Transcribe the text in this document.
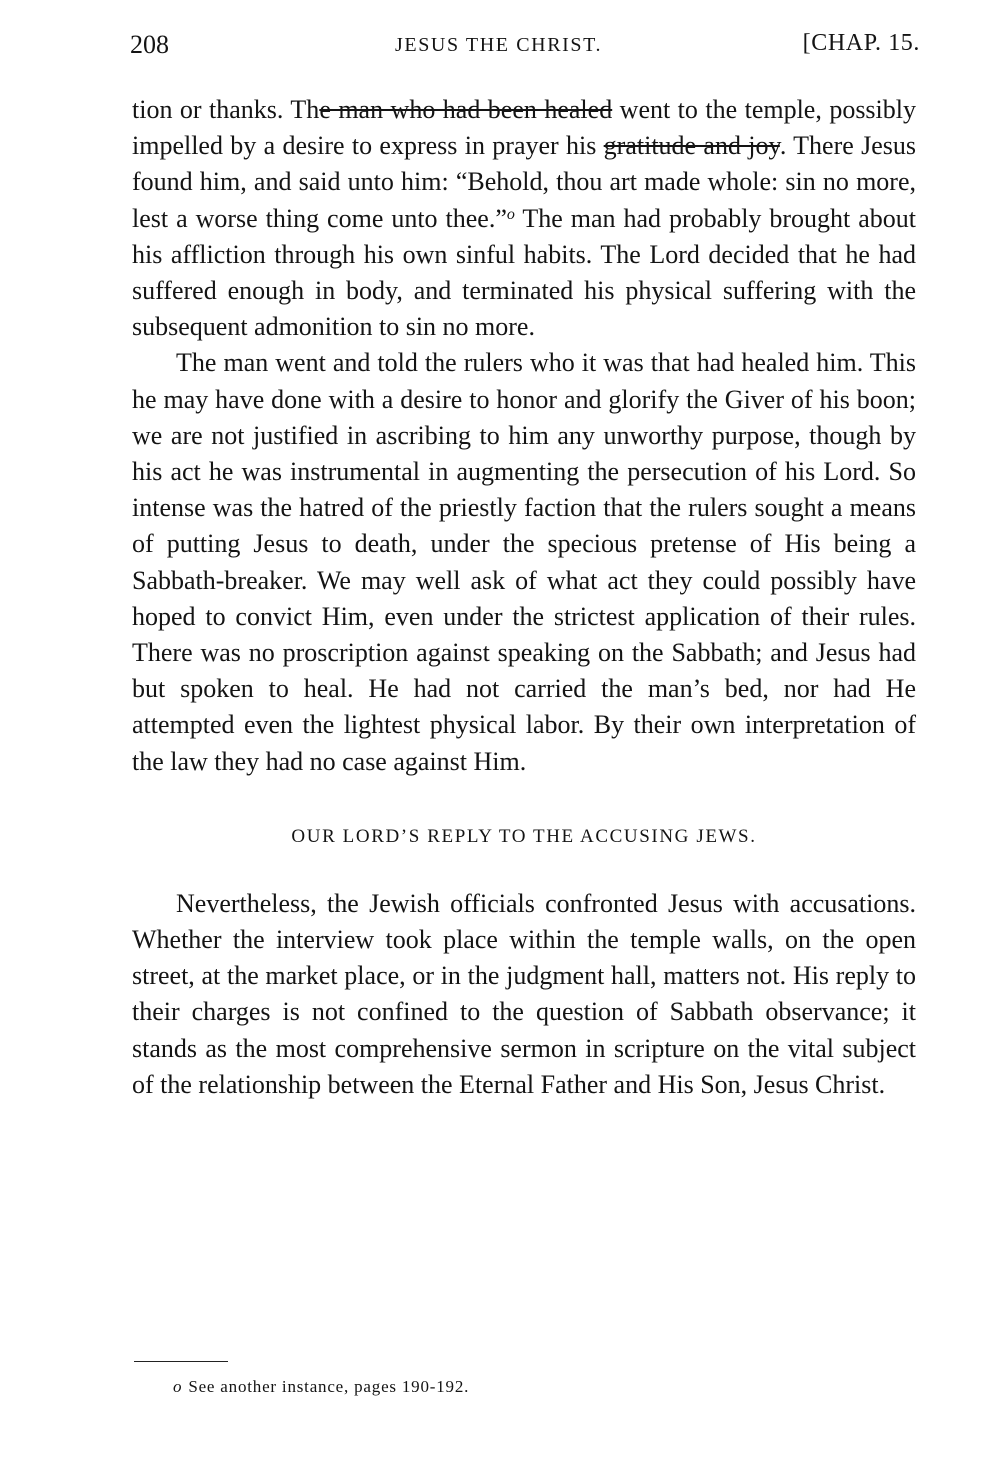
208	JESUS THE CHRIST.	[CHAP. 15.

tion or thanks. The man who had been healed went to the temple, possibly impelled by a desire to express in prayer his gratitude and joy. There Jesus found him, and said unto him: “Behold, thou art made whole: sin no more, lest a worse thing come unto thee.”$^o$ The man had probably brought about his affliction through his own sinful habits. The Lord decided that he had suffered enough in body, and terminated his physical suffering with the subsequent admonition to sin no more.

The man went and told the rulers who it was that had healed him. This he may have done with a desire to honor and glorify the Giver of his boon; we are not justified in ascribing to him any unworthy purpose, though by his act he was instrumental in augmenting the persecution of his Lord. So intense was the hatred of the priestly faction that the rulers sought a means of putting Jesus to death, under the specious pretense of His being a Sabbath-breaker. We may well ask of what act they could possibly have hoped to convict Him, even under the strictest application of their rules. There was no proscription against speaking on the Sabbath; and Jesus had but spoken to heal. He had not carried the man’s bed, nor had He attempted even the lightest physical labor. By their own interpretation of the law they had no case against Him.

OUR LORD’S REPLY TO THE ACCUSING JEWS.

Nevertheless, the Jewish officials confronted Jesus with accusations. Whether the interview took place within the temple walls, on the open street, at the market place, or in the judgment hall, matters not. His reply to their charges is not confined to the question of Sabbath observance; it stands as the most comprehensive sermon in scripture on the vital subject of the relationship between the Eternal Father and His Son, Jesus Christ.

o See another instance, pages 190-192.
